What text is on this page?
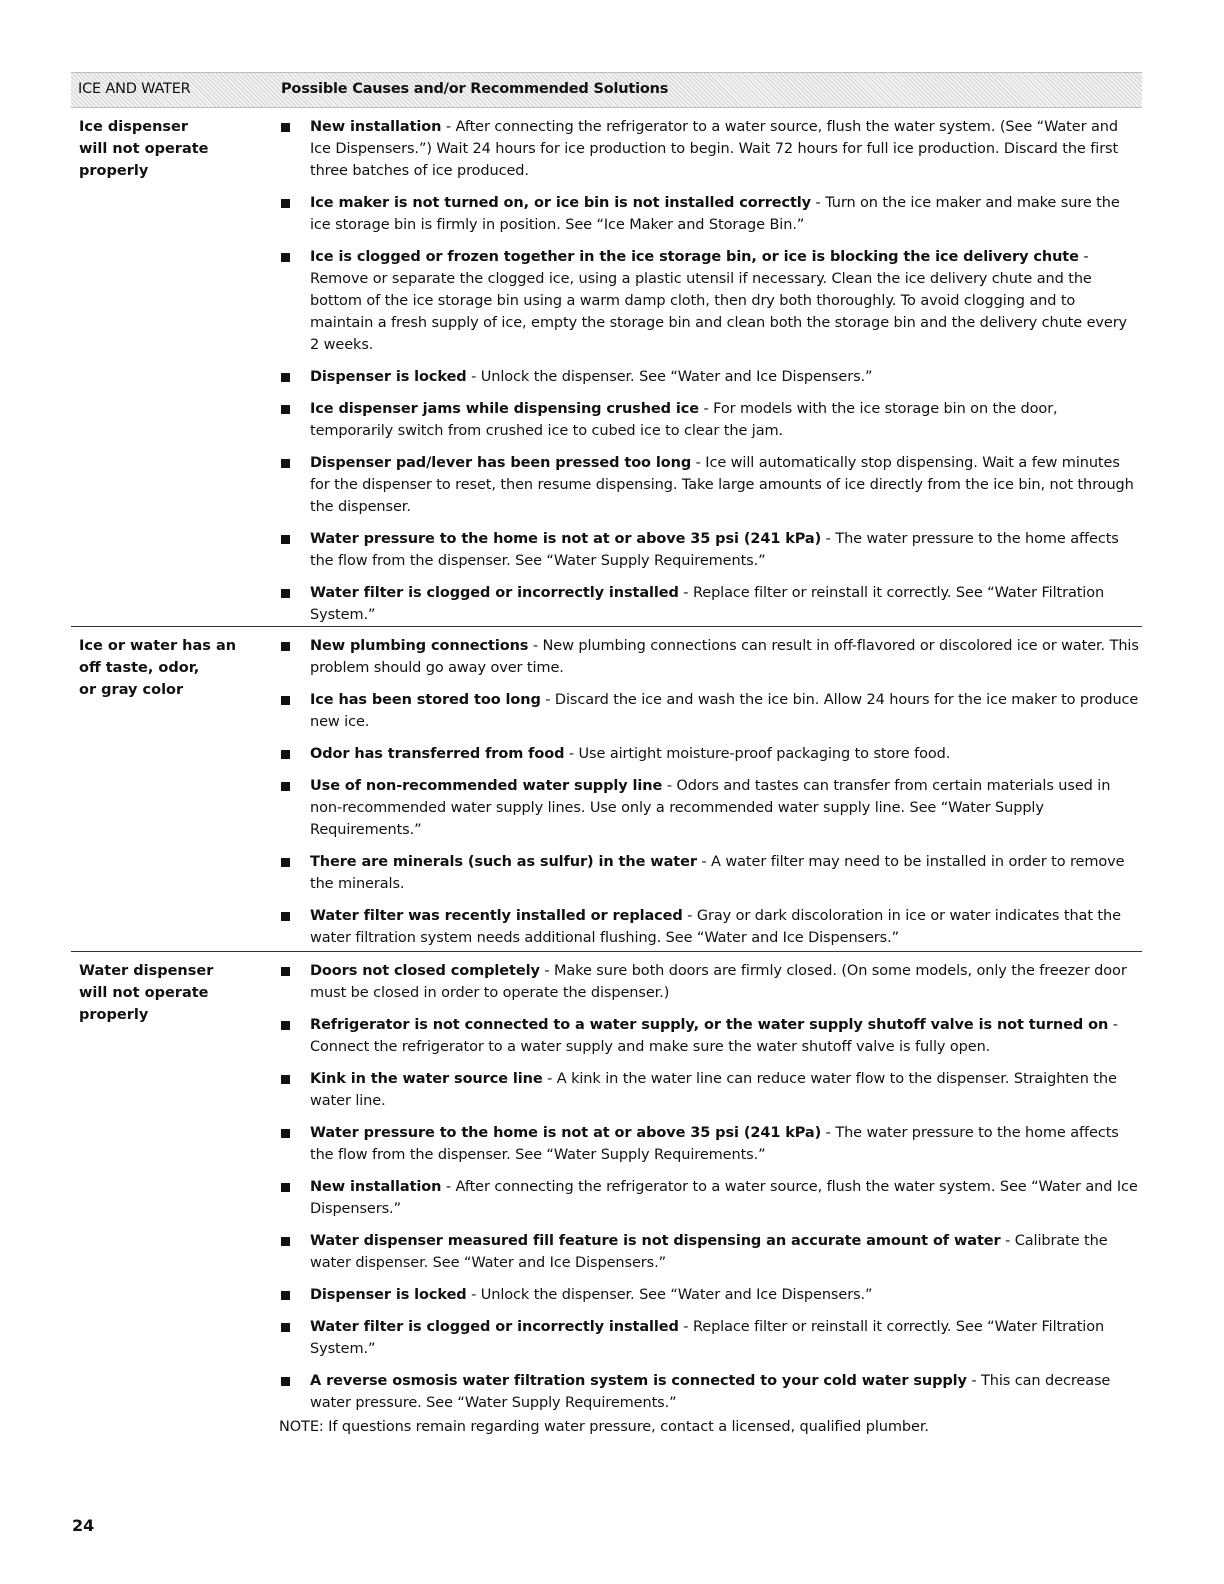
ICE AND WATER	Possible Causes and/or Recommended Solutions
Ice dispenser
will not operate
properly
New installation - After connecting the refrigerator to a water source, flush the water system. (See “Water and Ice Dispensers.”) Wait 24 hours for ice production to begin. Wait 72 hours for full ice production. Discard the first three batches of ice produced.
Ice maker is not turned on, or ice bin is not installed correctly - Turn on the ice maker and make sure the ice storage bin is firmly in position. See “Ice Maker and Storage Bin.”
Ice is clogged or frozen together in the ice storage bin, or ice is blocking the ice delivery chute - Remove or separate the clogged ice, using a plastic utensil if necessary. Clean the ice delivery chute and the bottom of the ice storage bin using a warm damp cloth, then dry both thoroughly. To avoid clogging and to maintain a fresh supply of ice, empty the storage bin and clean both the storage bin and the delivery chute every 2 weeks.
Dispenser is locked - Unlock the dispenser. See “Water and Ice Dispensers.”
Ice dispenser jams while dispensing crushed ice - For models with the ice storage bin on the door, temporarily switch from crushed ice to cubed ice to clear the jam.
Dispenser pad/lever has been pressed too long - Ice will automatically stop dispensing. Wait a few minutes for the dispenser to reset, then resume dispensing. Take large amounts of ice directly from the ice bin, not through the dispenser.
Water pressure to the home is not at or above 35 psi (241 kPa) - The water pressure to the home affects the flow from the dispenser. See “Water Supply Requirements.”
Water filter is clogged or incorrectly installed - Replace filter or reinstall it correctly. See “Water Filtration System.”
Ice or water has an
off taste, odor,
or gray color
New plumbing connections - New plumbing connections can result in off-flavored or discolored ice or water. This problem should go away over time.
Ice has been stored too long - Discard the ice and wash the ice bin. Allow 24 hours for the ice maker to produce new ice.
Odor has transferred from food - Use airtight moisture-proof packaging to store food.
Use of non-recommended water supply line - Odors and tastes can transfer from certain materials used in non-recommended water supply lines. Use only a recommended water supply line. See “Water Supply Requirements.”
There are minerals (such as sulfur) in the water - A water filter may need to be installed in order to remove the minerals.
Water filter was recently installed or replaced - Gray or dark discoloration in ice or water indicates that the water filtration system needs additional flushing. See “Water and Ice Dispensers.”
Water dispenser
will not operate
properly
Doors not closed completely - Make sure both doors are firmly closed. (On some models, only the freezer door must be closed in order to operate the dispenser.)
Refrigerator is not connected to a water supply, or the water supply shutoff valve is not turned on - Connect the refrigerator to a water supply and make sure the water shutoff valve is fully open.
Kink in the water source line - A kink in the water line can reduce water flow to the dispenser. Straighten the water line.
Water pressure to the home is not at or above 35 psi (241 kPa) - The water pressure to the home affects the flow from the dispenser. See “Water Supply Requirements.”
New installation - After connecting the refrigerator to a water source, flush the water system. See “Water and Ice Dispensers.”
Water dispenser measured fill feature is not dispensing an accurate amount of water - Calibrate the water dispenser. See “Water and Ice Dispensers.”
Dispenser is locked - Unlock the dispenser. See “Water and Ice Dispensers.”
Water filter is clogged or incorrectly installed - Replace filter or reinstall it correctly. See “Water Filtration System.”
A reverse osmosis water filtration system is connected to your cold water supply - This can decrease water pressure. See “Water Supply Requirements.”
NOTE: If questions remain regarding water pressure, contact a licensed, qualified plumber.
24
